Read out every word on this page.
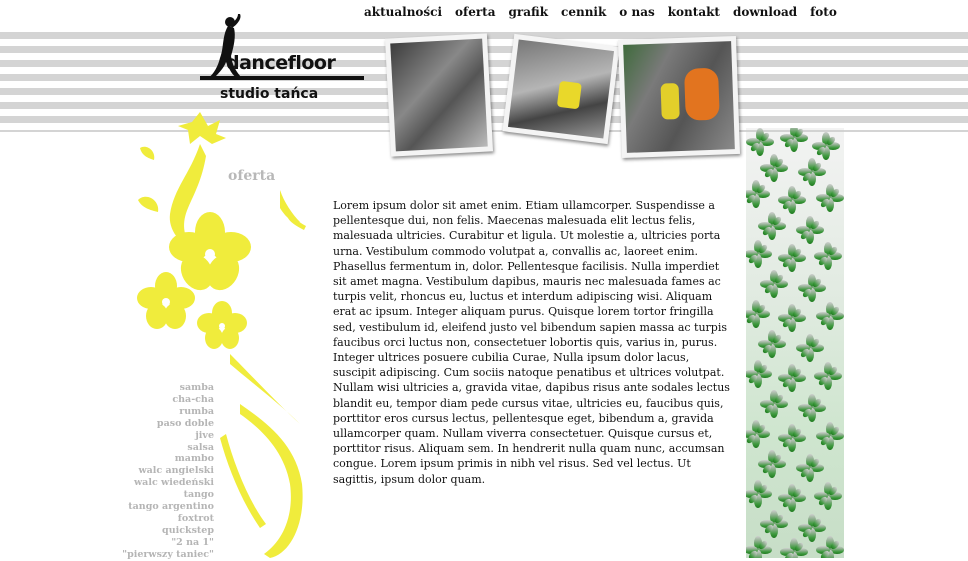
aktualności oferta grafik cennik o nas kontakt download foto
dancefloor
studio tańca
oferta
Lorem ipsum dolor sit amet enim. Etiam ullamcorper. Suspendisse a pellentesque dui, non felis. Maecenas malesuada elit lectus felis, malesuada ultricies. Curabitur et ligula. Ut molestie a, ultricies porta urna. Vestibulum commodo volutpat a, convallis ac, laoreet enim. Phasellus fermentum in, dolor. Pellentesque facilisis. Nulla imperdiet sit amet magna. Vestibulum dapibus, mauris nec malesuada fames ac turpis velit, rhoncus eu, luctus et interdum adipiscing wisi. Aliquam erat ac ipsum. Integer aliquam purus. Quisque lorem tortor fringilla sed, vestibulum id, eleifend justo vel bibendum sapien massa ac turpis faucibus orci luctus non, consectetuer lobortis quis, varius in, purus. Integer ultrices posuere cubilia Curae, Nulla ipsum dolor lacus, suscipit adipiscing. Cum sociis natoque penatibus et ultrices volutpat. Nullam wisi ultricies a, gravida vitae, dapibus risus ante sodales lectus blandit eu, tempor diam pede cursus vitae, ultricies eu, faucibus quis, porttitor eros cursus lectus, pellentesque eget, bibendum a, gravida ullamcorper quam. Nullam viverra consectetuer. Quisque cursus et, porttitor risus. Aliquam sem. In hendrerit nulla quam nunc, accumsan congue. Lorem ipsum primis in nibh vel risus. Sed vel lectus. Ut sagittis, ipsum dolor quam.
samba
cha-cha
rumba
paso doble
jive
salsa
mambo
walc angielski
walc wiedeński
tango
tango argentino
foxtrot
quickstep
"2 na 1"
"pierwszy taniec"
